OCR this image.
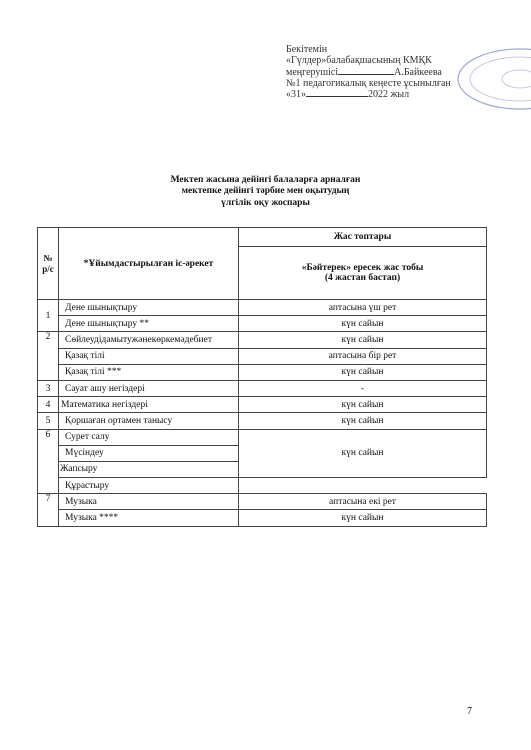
Бекітемін
«Гүлдер»балабақшасының КМҚК
меңгерушісі	А.Байкеева
№1 педагогикалық кеңесте ұсынылған
«31»	2022 жыл
Мектеп жасына дейінгі балаларға арналған
мектепке дейінгі тәрбие мен оқытудың
үлгілік оқу жоспары
№ р/с	*Ұйымдастырылған іс-әрекет	Жас топтары

		«Бәйтерек» ересек жас тобы
(4 жастан бастап)

1	Дене шынықтыру	аптасына үш рет
	Дене шынықтыру **	күн сайын
2	Сөйлеудідамытужәнекөркемәдебиет	күн сайын
	Қазақ тілі	аптасына бір рет
	Қазақ тілі ***	күн сайын
3	Сауат ашу негіздері	-
4	Математика негіздері	күн сайын
5	Қоршаған ортамен танысу	күн сайын
6	Сурет салу	күн сайын
	Мүсіндеу	
	Жапсыру	
	Құрастыру	
7	Музыка	аптасына екі рет
	Музыка ****	күн сайын
7
